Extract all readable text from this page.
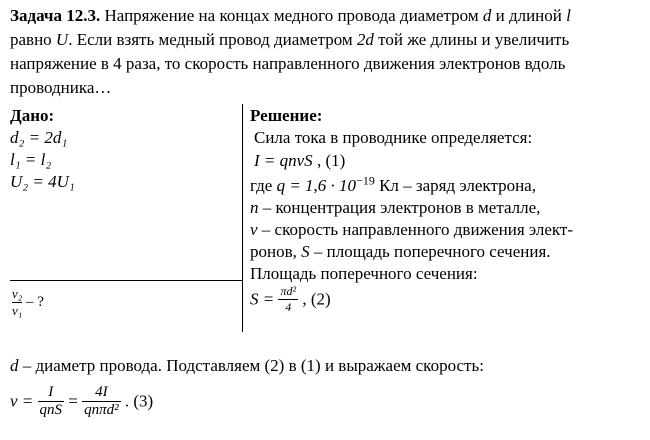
Задача 12.3. Напряжение на концах медного провода диаметром d и длиной l
равно U. Если взять медный провод диаметром 2d той же длины и увеличить
напряжение в 4 раза, то скорость направленного движения электронов вдоль
проводника…
Дано:
d₂ = 2d₁
l₁ = l₂
U₂ = 4U₁
$\frac{\text{v₂}}{\text{v₁}}$ – ?
Решение:
Сила тока в проводнике определяется:
I = qnvS , (1)
где $q = 1,6 \cdot 10^{-19}$ Кл – заряд электрона,
n – концентрация электронов в металле,
v – скорость направленного движения элект-
ронов, S – площадь поперечного сечения.
Площадь поперечного сечения:
$S = \frac{\text{πd²}}{4}$ , (2)
d – диаметр провода. Подставляем (2) в (1) и выражаем скорость:
$v = \frac{I}{\text{qnS}} = \frac{4I}{\text{qnπd²}}$ . (3)
